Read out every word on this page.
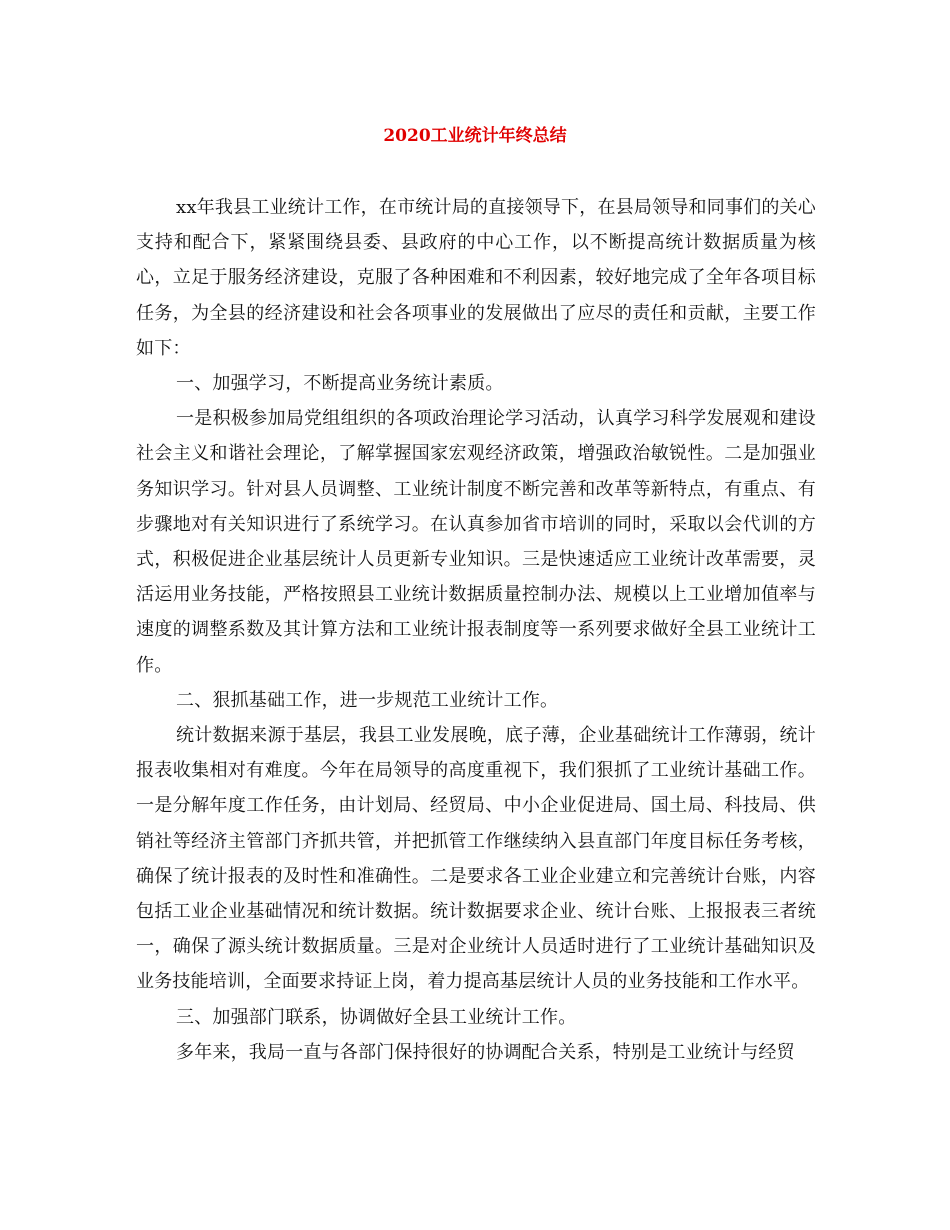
2020工业统计年终总结

xx年我县工业统计工作，在市统计局的直接领导下，在县局领导和同事们的关心支持和配合下，紧紧围绕县委、县政府的中心工作，以不断提高统计数据质量为核心，立足于服务经济建设，克服了各种困难和不利因素，较好地完成了全年各项目标任务，为全县的经济建设和社会各项事业的发展做出了应尽的责任和贡献，主要工作如下：

一、加强学习，不断提高业务统计素质。

一是积极参加局党组组织的各项政治理论学习活动，认真学习科学发展观和建设社会主义和谐社会理论，了解掌握国家宏观经济政策，增强政治敏锐性。二是加强业务知识学习。针对县人员调整、工业统计制度不断完善和改革等新特点，有重点、有步骤地对有关知识进行了系统学习。在认真参加省市培训的同时，采取以会代训的方式，积极促进企业基层统计人员更新专业知识。三是快速适应工业统计改革需要，灵活运用业务技能，严格按照县工业统计数据质量控制办法、规模以上工业增加值率与速度的调整系数及其计算方法和工业统计报表制度等一系列要求做好全县工业统计工作。

二、狠抓基础工作，进一步规范工业统计工作。

统计数据来源于基层，我县工业发展晚，底子薄，企业基础统计工作薄弱，统计报表收集相对有难度。今年在局领导的高度重视下，我们狠抓了工业统计基础工作。一是分解年度工作任务，由计划局、经贸局、中小企业促进局、国土局、科技局、供销社等经济主管部门齐抓共管，并把抓管工作继续纳入县直部门年度目标任务考核，确保了统计报表的及时性和准确性。二是要求各工业企业建立和完善统计台账，内容包括工业企业基础情况和统计数据。统计数据要求企业、统计台账、上报报表三者统一，确保了源头统计数据质量。三是对企业统计人员适时进行了工业统计基础知识及业务技能培训，全面要求持证上岗，着力提高基层统计人员的业务技能和工作水平。

三、加强部门联系，协调做好全县工业统计工作。

多年来，我局一直与各部门保持很好的协调配合关系，特别是工业统计与经贸
